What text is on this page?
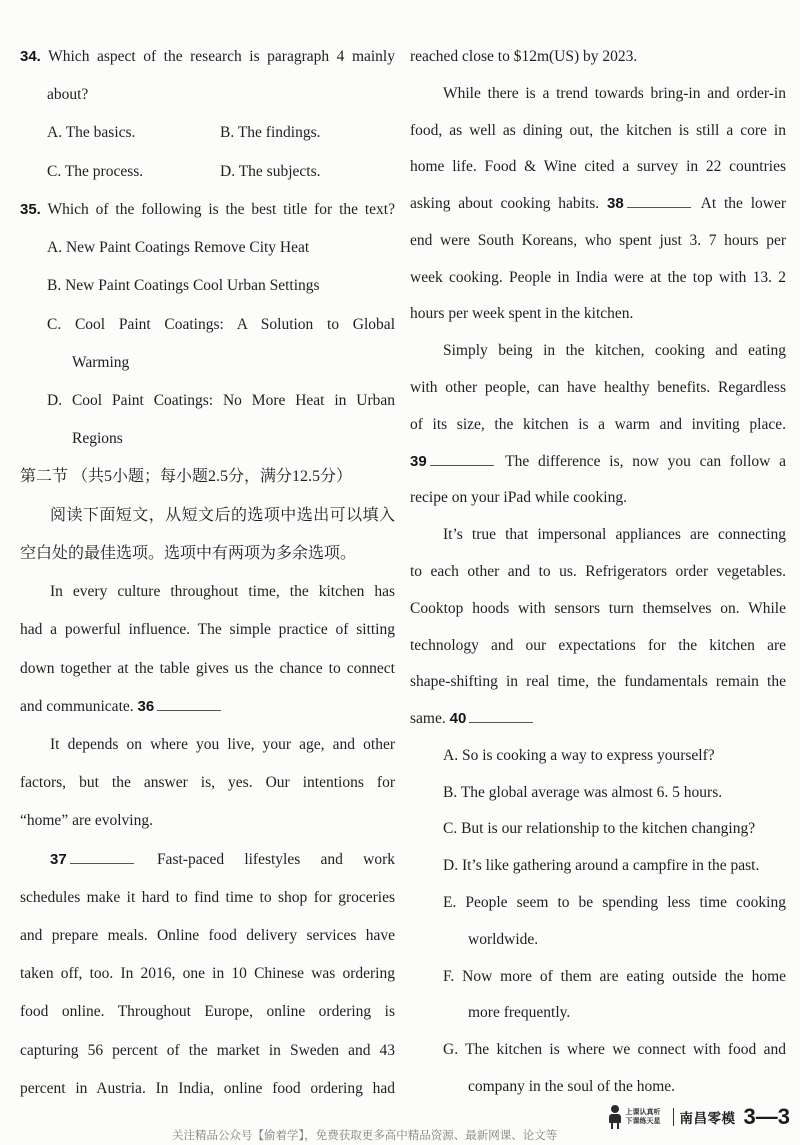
34. Which aspect of the research is paragraph 4 mainly
about?
A. The basics.	B. The findings.
C. The process.	D. The subjects.
35. Which of the following is the best title for the text?
A. New Paint Coatings Remove City Heat
B. New Paint Coatings Cool Urban Settings
C. Cool Paint Coatings: A Solution to Global
Warming
D. Cool Paint Coatings: No More Heat in Urban
Regions
第二节 （共5小题；每小题2.5分，满分12.5分）
阅读下面短文，从短文后的选项中选出可以填入
空白处的最佳选项。选项中有两项为多余选项。
In every culture throughout time, the kitchen has
had a powerful influence. The simple practice of sitting
down together at the table gives us the chance to connect
and communicate. 36
It depends on where you live, your age, and other
factors, but the answer is, yes. Our intentions for
“home” are evolving.
37	Fast-paced lifestyles and work
schedules make it hard to find time to shop for groceries
and prepare meals. Online food delivery services have
taken off, too. In 2016, one in 10 Chinese was ordering
food online. Throughout Europe, online ordering is
capturing 56 percent of the market in Sweden and 43
percent in Austria. In India, online food ordering had
reached close to $12m(US) by 2023.
While there is a trend towards bring-in and order-in
food, as well as dining out, the kitchen is still a core in
home life. Food & Wine cited a survey in 22 countries
asking about cooking habits. 38	At the lower
end were South Koreans, who spent just 3. 7 hours per
week cooking. People in India were at the top with 13. 2
hours per week spent in the kitchen.
Simply being in the kitchen, cooking and eating
with other people, can have healthy benefits. Regardless
of its size, the kitchen is a warm and inviting place.
39	The difference is, now you can follow a
recipe on your iPad while cooking.
It’s true that impersonal appliances are connecting
to each other and to us. Refrigerators order vegetables.
Cooktop hoods with sensors turn themselves on. While
technology and our expectations for the kitchen are
shape-shifting in real time, the fundamentals remain the
same. 40
A. So is cooking a way to express yourself?
B. The global average was almost 6. 5 hours.
C. But is our relationship to the kitchen changing?
D. It’s like gathering around a campfire in the past.
E. People seem to be spending less time cooking
worldwide.
F. Now more of them are eating outside the home
more frequently.
G. The kitchen is where we connect with food and
company in the soul of the home.
上课认真听
下课练天星 南昌零模 3—3
关注精品公众号【偷着学】，免费获取更多高中精品资源、最新网课、论文等
